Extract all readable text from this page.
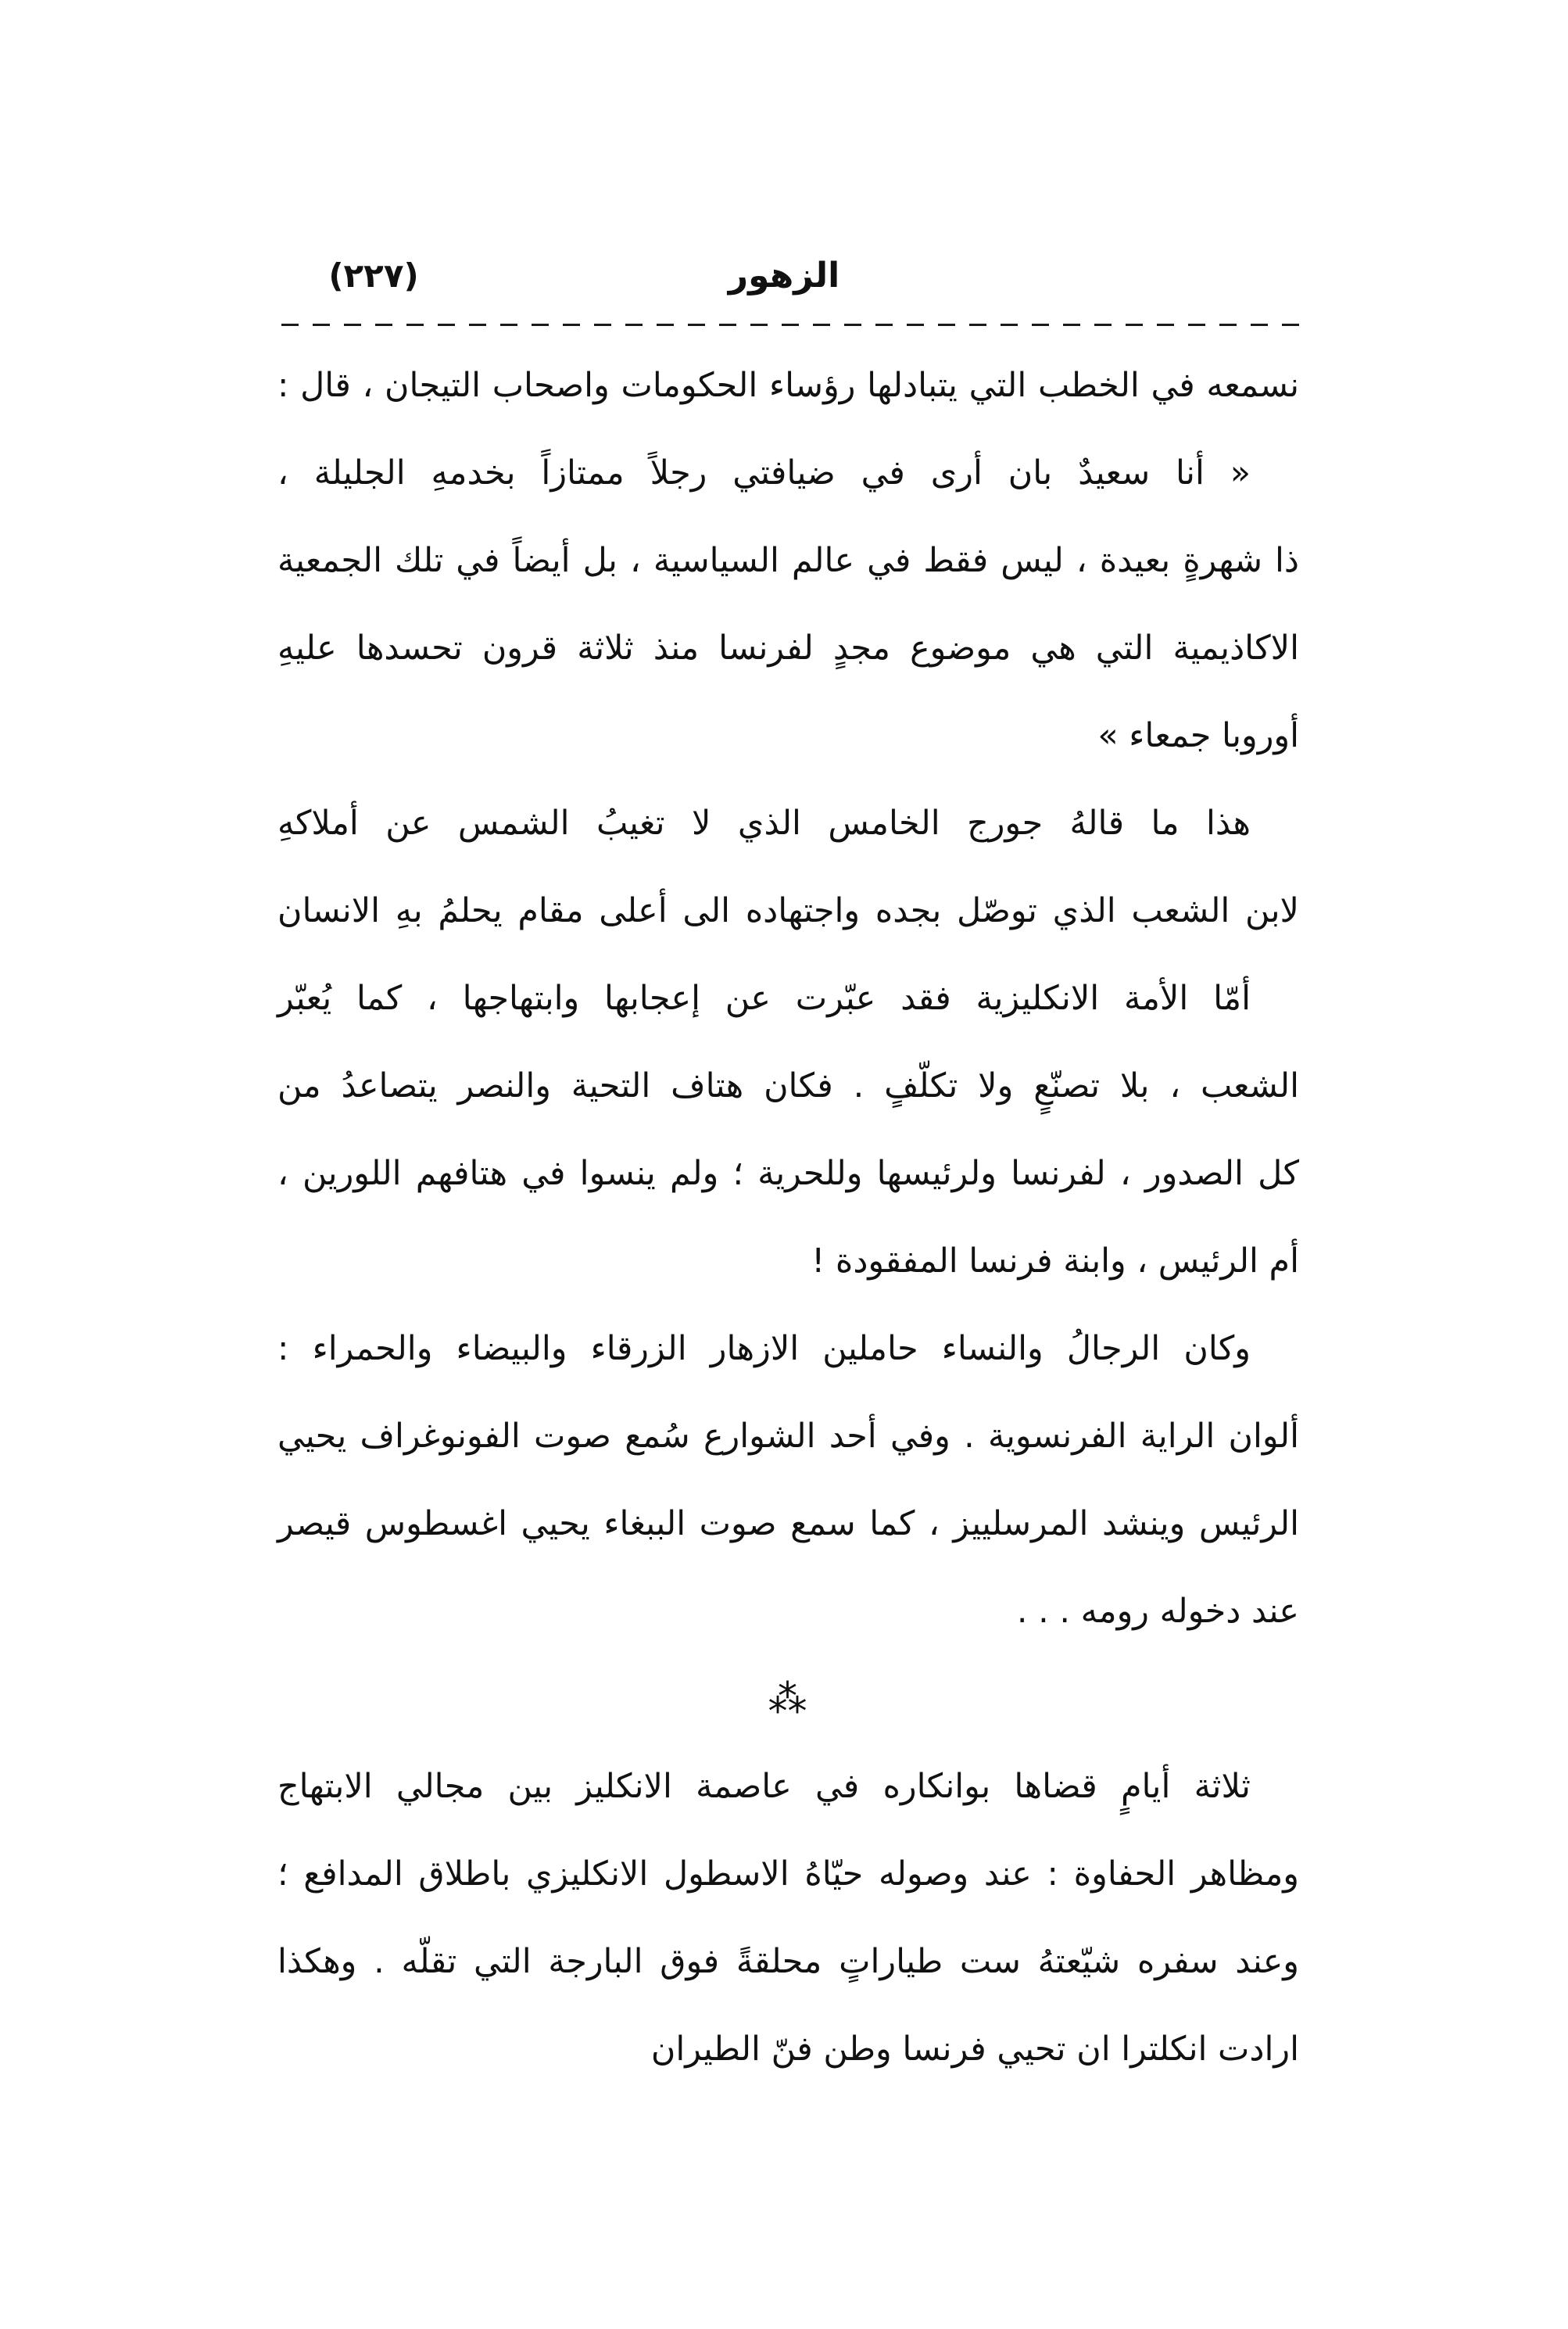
الزهور
(٢٢٧)
نسمعه في الخطب التي يتبادلها رؤساء الحكومات واصحاب التيجان ، قال :
« أنا سعيدٌ بان أرى في ضيافتي رجلاً ممتازاً بخدمهِ الجليلة ،
ذا شهرةٍ بعيدة ، ليس فقط في عالم السياسية ، بل أيضاً في تلك الجمعية
الاكاذيمية التي هي موضوع مجدٍ لفرنسا منذ ثلاثة قرون تحسدها عليهِ
أوروبا جمعاء »
هذا ما قالهُ جورج الخامس الذي لا تغيبُ الشمس عن أملاكهِ
لابن الشعب الذي توصّل بجده واجتهاده الى أعلى مقام يحلمُ بهِ الانسان
أمّا الأمة الانكليزية فقد عبّرت عن إعجابها وابتهاجها ، كما يُعبّر
الشعب ، بلا تصنّعٍ ولا تكلّفٍ . فكان هتاف التحية والنصر يتصاعدُ من
كل الصدور ، لفرنسا ولرئيسها وللحرية ؛ ولم ينسوا في هتافهم اللورين ،
أم الرئيس ، وابنة فرنسا المفقودة !
وكان الرجالُ والنساء حاملين الازهار الزرقاء والبيضاء والحمراء :
ألوان الراية الفرنسوية . وفي أحد الشوارع سُمع صوت الفونوغراف يحيي
الرئيس وينشد المرسلييز ، كما سمع صوت الببغاء يحيي اغسطوس قيصر
عند دخوله رومه . . .
⁂
ثلاثة أيامٍ قضاها بوانكاره في عاصمة الانكليز بين مجالي الابتهاج
ومظاهر الحفاوة : عند وصوله حيّاهُ الاسطول الانكليزي باطلاق المدافع ؛
وعند سفره شيّعتهُ ست طياراتٍ محلقةً فوق البارجة التي تقلّه . وهكذا
ارادت انكلترا ان تحيي فرنسا وطن فنّ الطيران
